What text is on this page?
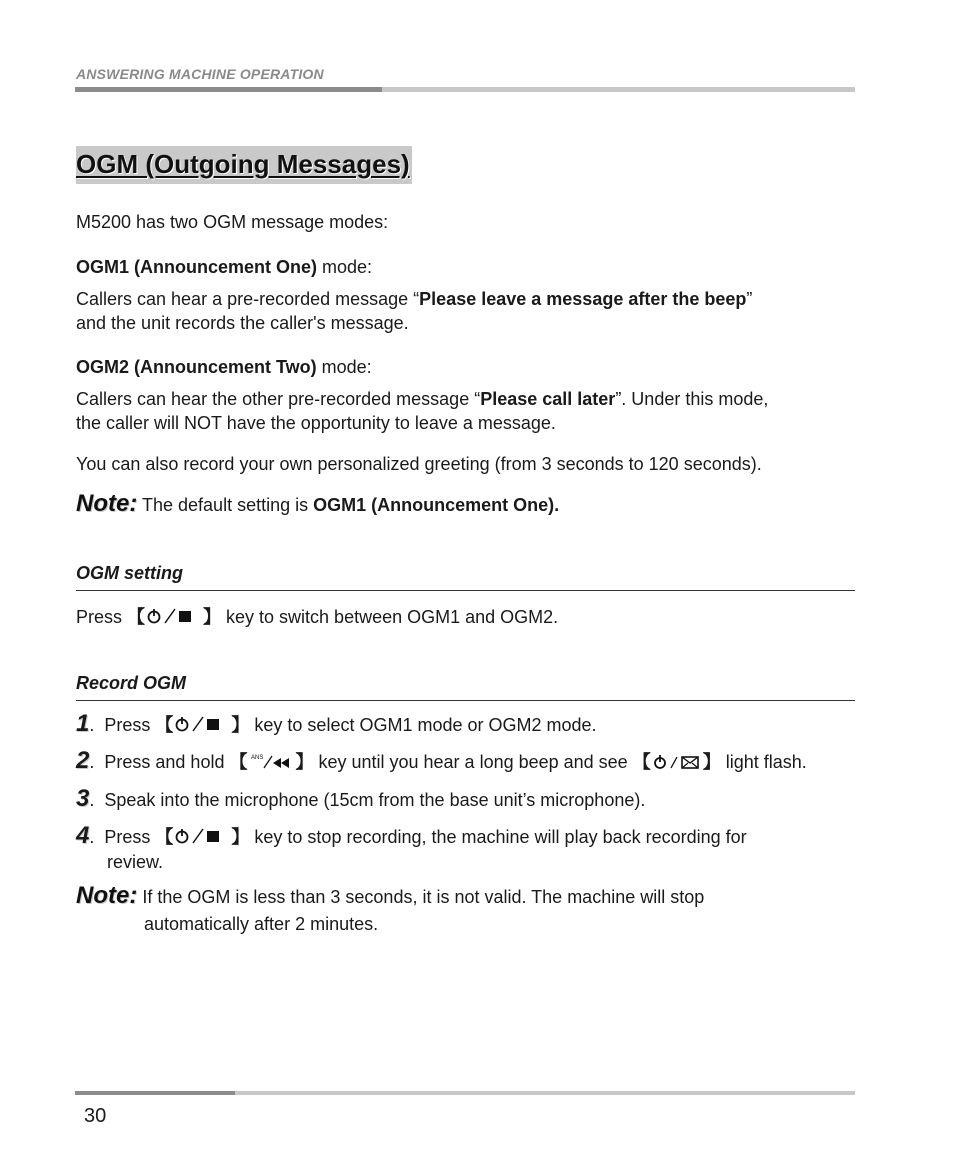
ANSWERING MACHINE OPERATION
OGM (Outgoing Messages)
M5200 has two OGM message modes:
OGM1 (Announcement One) mode:
Callers can hear a pre-recorded message “Please leave a message after the beep”
and the unit records the caller's message.
OGM2 (Announcement Two) mode:
Callers can hear the other pre-recorded message “Please call later”. Under this mode,
the caller will NOT have the opportunity to leave a message.
You can also record your own personalized greeting (from 3 seconds to 120 seconds).
Note: The default setting is OGM1 (Announcement One).
OGM setting
Press 【	】 key to switch between OGM1 and OGM2.
Record OGM
1. Press 【	】 key to select OGM1 mode or OGM2 mode.
2. Press and hold 【 ANS 】 key until you hear a long beep and see 【	】 light flash.
3. Speak into the microphone (15cm from the base unit’s microphone).
4. Press 【	】 key to stop recording, the machine will play back recording for
review.
Note: If the OGM is less than 3 seconds, it is not valid. The machine will stop
automatically after 2 minutes.
30
